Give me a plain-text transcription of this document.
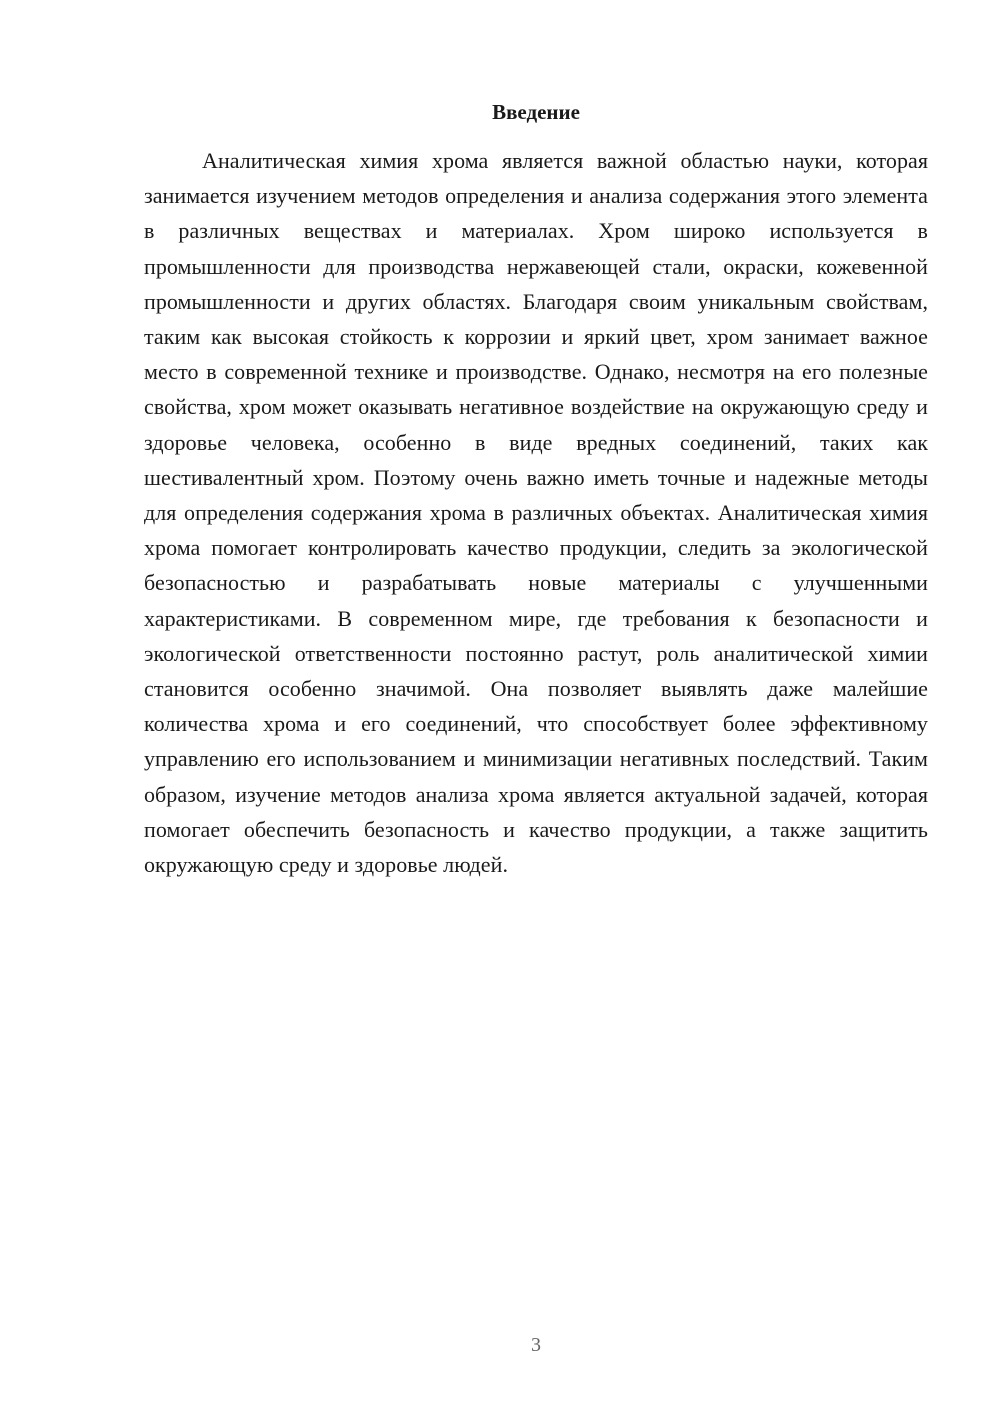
Введение

Аналитическая химия хрома является важной областью науки, которая занимается изучением методов определения и анализа содержания этого элемента в различных веществах и материалах. Хром широко используется в промышленности для производства нержавеющей стали, окраски, кожевенной промышленности и других областях. Благодаря своим уникальным свойствам, таким как высокая стойкость к коррозии и яркий цвет, хром занимает важное место в современной технике и производстве. Однако, несмотря на его полезные свойства, хром может оказывать негативное воздействие на окружающую среду и здоровье человека, особенно в виде вредных соединений, таких как шестивалентный хром. Поэтому очень важно иметь точные и надежные методы для определения содержания хрома в различных объектах. Аналитическая химия хрома помогает контролировать качество продукции, следить за экологической безопасностью и разрабатывать новые материалы с улучшенными характеристиками. В современном мире, где требования к безопасности и экологической ответственности постоянно растут, роль аналитической химии становится особенно значимой. Она позволяет выявлять даже малейшие количества хрома и его соединений, что способствует более эффективному управлению его использованием и минимизации негативных последствий. Таким образом, изучение методов анализа хрома является актуальной задачей, которая помогает обеспечить безопасность и качество продукции, а также защитить окружающую среду и здоровье людей.

3
